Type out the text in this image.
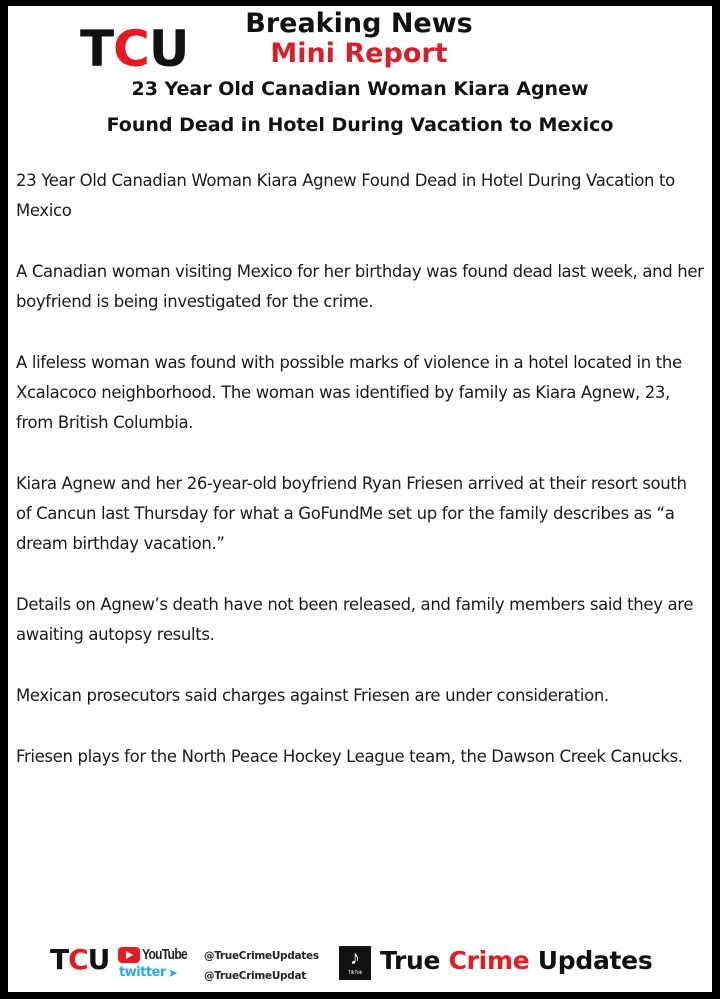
TCU	Breaking News
Mini Report
23 Year Old Canadian Woman Kiara Agnew
Found Dead in Hotel During Vacation to Mexico

23 Year Old Canadian Woman Kiara Agnew Found Dead in Hotel During Vacation to Mexico

A Canadian woman visiting Mexico for her birthday was found dead last week, and her boyfriend is being investigated for the crime.

A lifeless woman was found with possible marks of violence in a hotel located in the Xcalacoco neighborhood. The woman was identified by family as Kiara Agnew, 23, from British Columbia.

Kiara Agnew and her 26-year-old boyfriend Ryan Friesen arrived at their resort south of Cancun last Thursday for what a GoFundMe set up for the family describes as “a dream birthday vacation.”

Details on Agnew’s death have not been released, and family members said they are awaiting autopsy results.

Mexican prosecutors said charges against Friesen are under consideration.

Friesen plays for the North Peace Hockey League team, the Dawson Creek Canucks.

TCU YouTube
twitter ➤
@TrueCrimeUpdates
@TrueCrimeUpdat
♪
TikTok True Crime Updates
